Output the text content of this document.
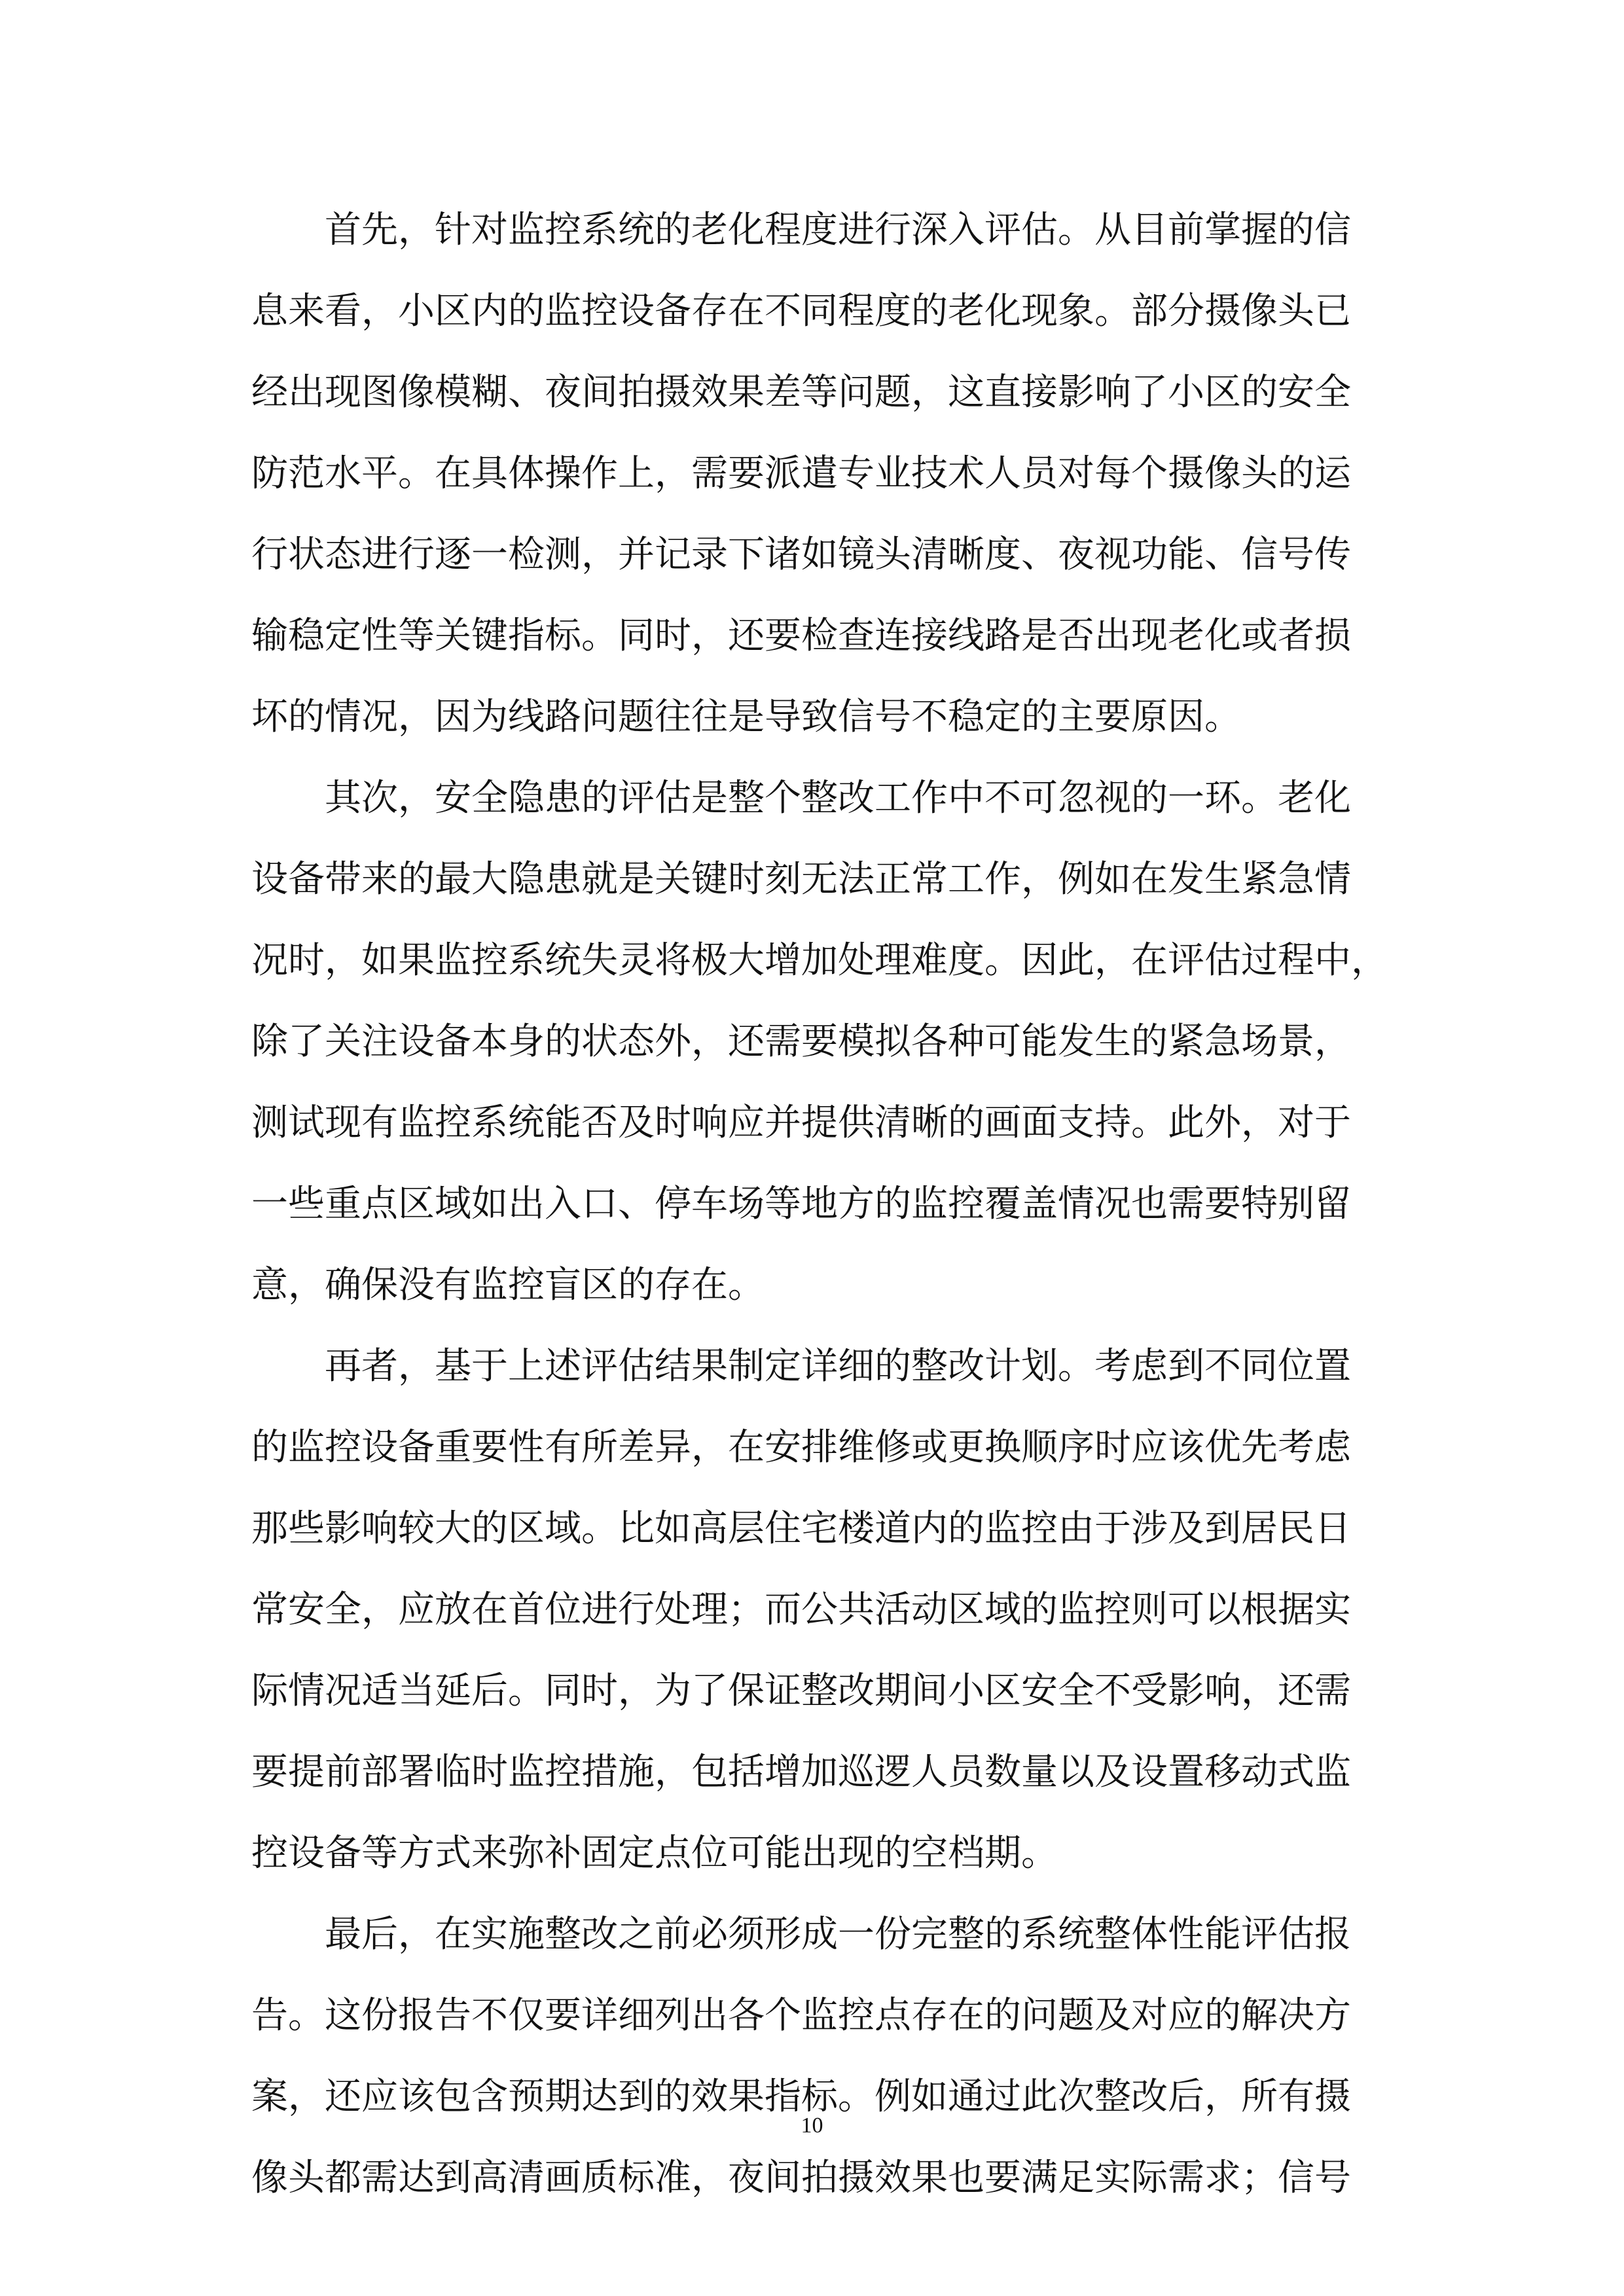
首先，针对监控系统的老化程度进行深入评估。从目前掌握的信
息来看，小区内的监控设备存在不同程度的老化现象。部分摄像头已
经出现图像模糊、夜间拍摄效果差等问题，这直接影响了小区的安全
防范水平。在具体操作上，需要派遣专业技术人员对每个摄像头的运
行状态进行逐一检测，并记录下诸如镜头清晰度、夜视功能、信号传
输稳定性等关键指标。同时，还要检查连接线路是否出现老化或者损
坏的情况，因为线路问题往往是导致信号不稳定的主要原因。
其次，安全隐患的评估是整个整改工作中不可忽视的一环。老化
设备带来的最大隐患就是关键时刻无法正常工作，例如在发生紧急情
况时，如果监控系统失灵将极大增加处理难度。因此，在评估过程中，
除了关注设备本身的状态外，还需要模拟各种可能发生的紧急场景，
测试现有监控系统能否及时响应并提供清晰的画面支持。此外，对于
一些重点区域如出入口、停车场等地方的监控覆盖情况也需要特别留
意，确保没有监控盲区的存在。
再者，基于上述评估结果制定详细的整改计划。考虑到不同位置
的监控设备重要性有所差异，在安排维修或更换顺序时应该优先考虑
那些影响较大的区域。比如高层住宅楼道内的监控由于涉及到居民日
常安全，应放在首位进行处理；而公共活动区域的监控则可以根据实
际情况适当延后。同时，为了保证整改期间小区安全不受影响，还需
要提前部署临时监控措施，包括增加巡逻人员数量以及设置移动式监
控设备等方式来弥补固定点位可能出现的空档期。
最后，在实施整改之前必须形成一份完整的系统整体性能评估报
告。这份报告不仅要详细列出各个监控点存在的问题及对应的解决方
案，还应该包含预期达到的效果指标。例如通过此次整改后，所有摄
像头都需达到高清画质标准，夜间拍摄效果也要满足实际需求；信号
10
